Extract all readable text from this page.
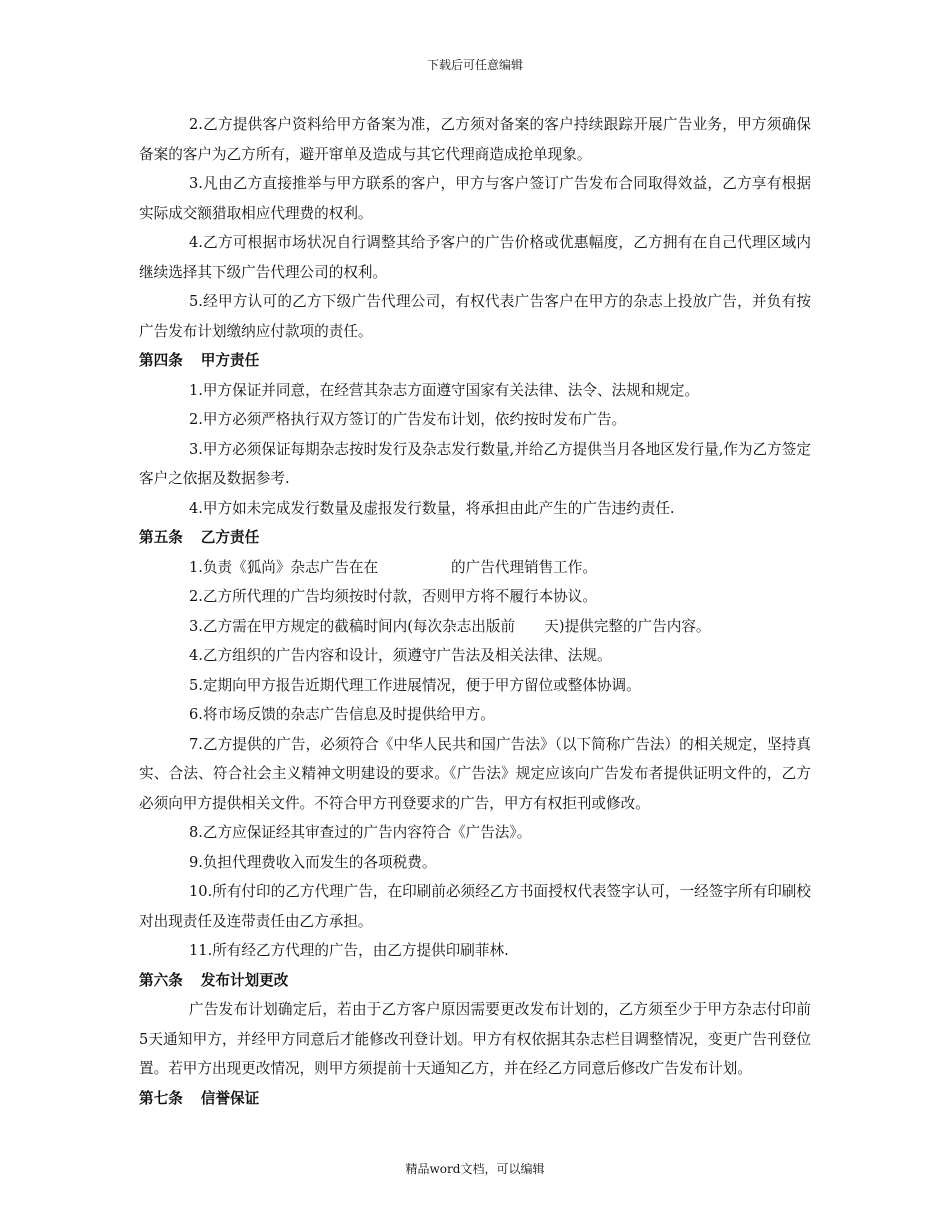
下载后可任意编辑

2.乙方提供客户资料给甲方备案为准，乙方须对备案的客户持续跟踪开展广告业务，甲方须确保备案的客户为乙方所有，避开窜单及造成与其它代理商造成抢单现象。

3.凡由乙方直接推举与甲方联系的客户，甲方与客户签订广告发布合同取得效益，乙方享有根据实际成交额猎取相应代理费的权利。

4.乙方可根据市场状况自行调整其给予客户的广告价格或优惠幅度，乙方拥有在自己代理区域内继续选择其下级广告代理公司的权利。

5.经甲方认可的乙方下级广告代理公司，有权代表广告客户在甲方的杂志上投放广告，并负有按广告发布计划缴纳应付款项的责任。

第四条 甲方责任

1.甲方保证并同意，在经营其杂志方面遵守国家有关法律、法令、法规和规定。

2.甲方必须严格执行双方签订的广告发布计划，依约按时发布广告。

3.甲方必须保证每期杂志按时发行及杂志发行数量,并给乙方提供当月各地区发行量,作为乙方签定客户之依据及数据参考.

4.甲方如未完成发行数量及虚报发行数量，将承担由此产生的广告违约责任.

第五条 乙方责任

1.负责《狐尚》杂志广告在在　　　　　的广告代理销售工作。

2.乙方所代理的广告均须按时付款，否则甲方将不履行本协议。

3.乙方需在甲方规定的截稿时间内(每次杂志出版前　　天)提供完整的广告内容。

4.乙方组织的广告内容和设计，须遵守广告法及相关法律、法规。

5.定期向甲方报告近期代理工作进展情况，便于甲方留位或整体协调。

6.将市场反馈的杂志广告信息及时提供给甲方。

7.乙方提供的广告，必须符合《中华人民共和国广告法》（以下简称广告法）的相关规定，坚持真实、合法、符合社会主义精神文明建设的要求。《广告法》规定应该向广告发布者提供证明文件的，乙方必须向甲方提供相关文件。不符合甲方刊登要求的广告，甲方有权拒刊或修改。

8.乙方应保证经其审查过的广告内容符合《广告法》。

9.负担代理费收入而发生的各项税费。

10.所有付印的乙方代理广告，在印刷前必须经乙方书面授权代表签字认可，一经签字所有印刷校对出现责任及连带责任由乙方承担。

11.所有经乙方代理的广告，由乙方提供印刷菲林.

第六条 发布计划更改

广告发布计划确定后，若由于乙方客户原因需要更改发布计划的，乙方须至少于甲方杂志付印前5天通知甲方，并经甲方同意后才能修改刊登计划。甲方有权依据其杂志栏目调整情况，变更广告刊登位置。若甲方出现更改情况，则甲方须提前十天通知乙方，并在经乙方同意后修改广告发布计划。

第七条 信誉保证

精品word文档，可以编辑
